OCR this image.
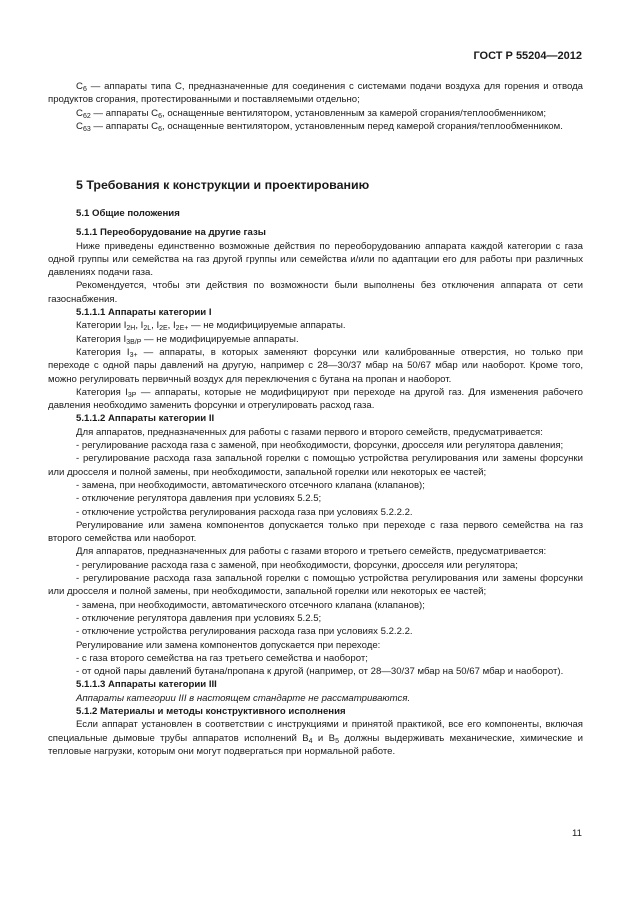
ГОСТ Р 55204—2012

$C_6$ — аппараты типа С, предназначенные для соединения с системами подачи воздуха для горения и отвода продуктов сгорания, протестированными и поставляемыми отдельно;

$C_{62}$ — аппараты $C_6$, оснащенные вентилятором, установленным за камерой сгорания/теплообменником;

$C_{63}$ — аппараты $C_6$, оснащенные вентилятором, установленным перед камерой сгорания/теплообменником.

5 Требования к конструкции и проектированию

5.1 Общие положения

5.1.1 Переоборудование на другие газы

Ниже приведены единственно возможные действия по переоборудованию аппарата каждой категории с газа одной группы или семейства на газ другой группы или семейства и/или по адаптации его для работы при различных давлениях подачи газа.

Рекомендуется, чтобы эти действия по возможности были выполнены без отключения аппарата от сети газоснабжения.

5.1.1.1 Аппараты категории I

Категории $I_{2H}$, $I_{2L}$, $I_{2E}$, $I_{2E+}$ — не модифицируемые аппараты.

Категория $I_{3B/P}$ — не модифицируемые аппараты.

Категория $I_{3+}$ — аппараты, в которых заменяют форсунки или калиброванные отверстия, но только при переходе с одной пары давлений на другую, например с 28—30/37 мбар на 50/67 мбар или наоборот. Кроме того, можно регулировать первичный воздух для переключения с бутана на пропан и наоборот.

Категория $I_{3P}$ — аппараты, которые не модифицируют при переходе на другой газ. Для изменения рабочего давления необходимо заменить форсунки и отрегулировать расход газа.

5.1.1.2 Аппараты категории II

Для аппаратов, предназначенных для работы с газами первого и второго семейств, предусматривается:

- регулирование расхода газа с заменой, при необходимости, форсунки, дросселя или регулятора давления;

- регулирование расхода газа запальной горелки с помощью устройства регулирования или замены форсунки или дросселя и полной замены, при необходимости, запальной горелки или некоторых ее частей;

- замена, при необходимости, автоматического отсечного клапана (клапанов);

- отключение регулятора давления при условиях 5.2.5;

- отключение устройства регулирования расхода газа при условиях 5.2.2.2.

Регулирование или замена компонентов допускается только при переходе с газа первого семейства на газ второго семейства или наоборот.

Для аппаратов, предназначенных для работы с газами второго и третьего семейств, предусматривается:

- регулирование расхода газа с заменой, при необходимости, форсунки, дросселя или регулятора;

- регулирование расхода газа запальной горелки с помощью устройства регулирования или замены форсунки или дросселя и полной замены, при необходимости, запальной горелки или некоторых ее частей;

- замена, при необходимости, автоматического отсечного клапана (клапанов);

- отключение регулятора давления при условиях 5.2.5;

- отключение устройства регулирования расхода газа при условиях 5.2.2.2.

Регулирование или замена компонентов допускается при переходе:

- с газа второго семейства на газ третьего семейства и наоборот;

- от одной пары давлений бутана/пропана к другой (например, от 28—30/37 мбар на 50/67 мбар и наоборот).

5.1.1.3 Аппараты категории III

Аппараты категории III в настоящем стандарте не рассматриваются.

5.1.2 Материалы и методы конструктивного исполнения

Если аппарат установлен в соответствии с инструкциями и принятой практикой, все его компоненты, включая специальные дымовые трубы аппаратов исполнений $B_4$ и $B_5$ должны выдерживать механические, химические и тепловые нагрузки, которым они могут подвергаться при нормальной работе.

11
